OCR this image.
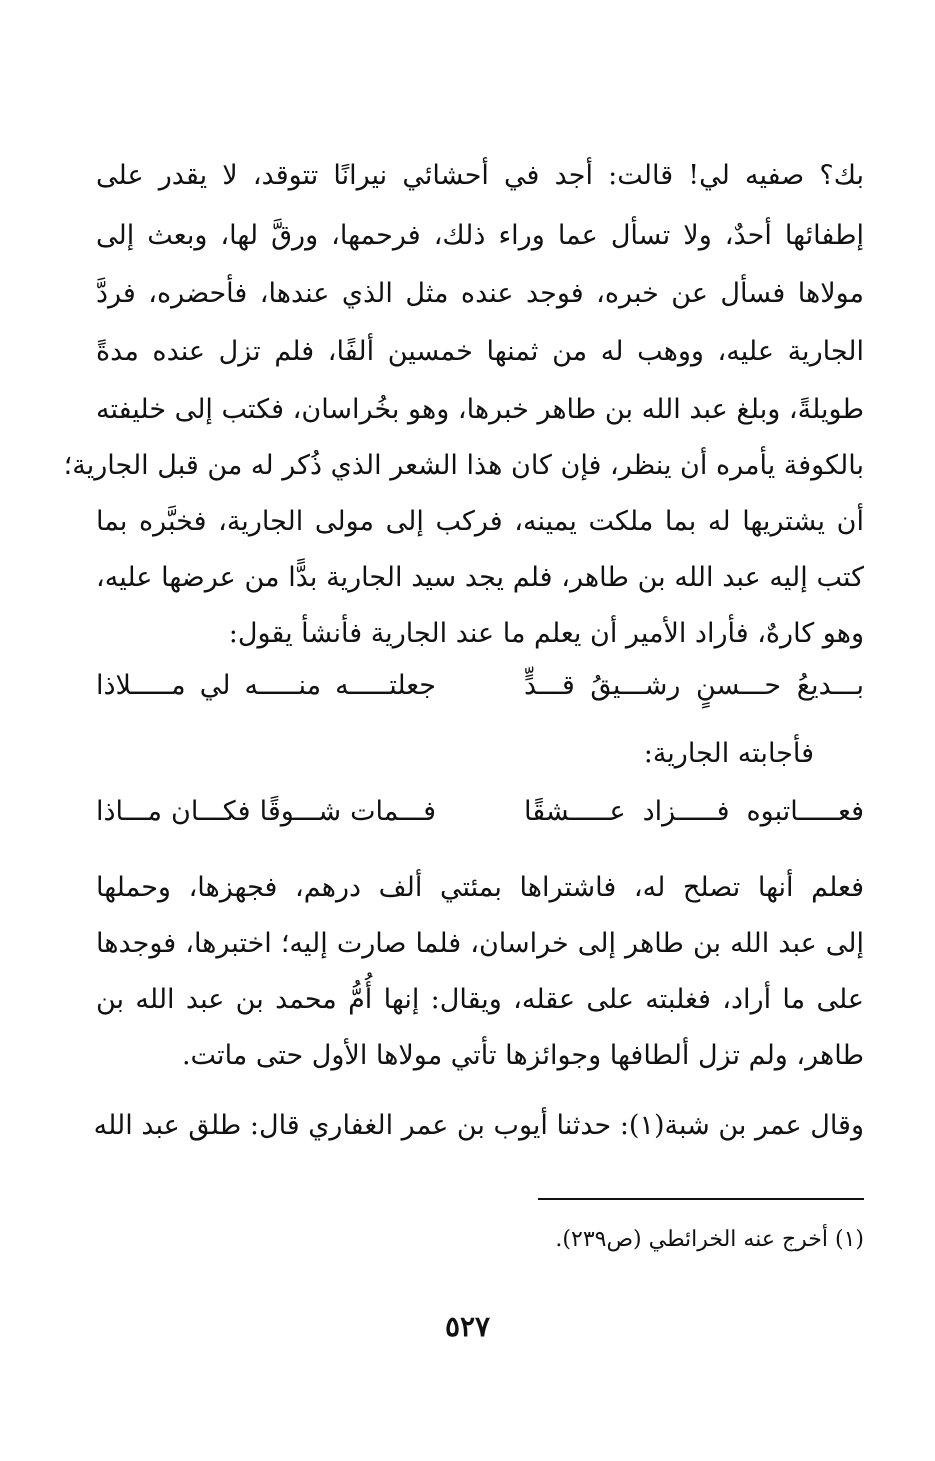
بك؟ صفيه لي! قالت: أجد في أحشائي نيرانًا تتوقد، لا يقدر على
إطفائها أحدٌ، ولا تسأل عما وراء ذلك، فرحمها، ورقَّ لها، وبعث إلى
مولاها فسأل عن خبره، فوجد عنده مثل الذي عندها، فأحضره، فردَّ
الجارية عليه، ووهب له من ثمنها خمسين ألفًا، فلم تزل عنده مدةً
طويلةً، وبلغ عبد الله بن طاهر خبرها، وهو بخُراسان، فكتب إلى خليفته
بالكوفة يأمره أن ينظر، فإن كان هذا الشعر الذي ذُكر له من قبل الجارية؛
أن يشتريها له بما ملكت يمينه، فركب إلى مولى الجارية، فخبَّره بما
كتب إليه عبد الله بن طاهر، فلم يجد سيد الجارية بدًّا من عرضها عليه،
وهو كارهٌ، فأراد الأمير أن يعلم ما عند الجارية فأنشأ يقول:
بـــديعُ حـــسنٍ رشـــيقُ قـــدٍّ
جعلتـــــه منـــــه لي مـــــلاذا
فأجابته الجارية:
فعـــــاتبوه فـــــزاد عـــــشقًا
فـــمات شـــوقًا فكـــان مـــاذا
فعلم أنها تصلح له، فاشتراها بمئتي ألف درهم، فجهزها، وحملها
إلى عبد الله بن طاهر إلى خراسان، فلما صارت إليه؛ اختبرها، فوجدها
على ما أراد، فغلبته على عقله، ويقال: إنها أُمُّ محمد بن عبد الله بن
طاهر، ولم تزل ألطافها وجوائزها تأتي مولاها الأول حتى ماتت.
وقال عمر بن شبة(١): حدثنا أيوب بن عمر الغفاري قال: طلق عبد الله
(١) أخرج عنه الخرائطي (ص٢٣٩).
٥٢٧
